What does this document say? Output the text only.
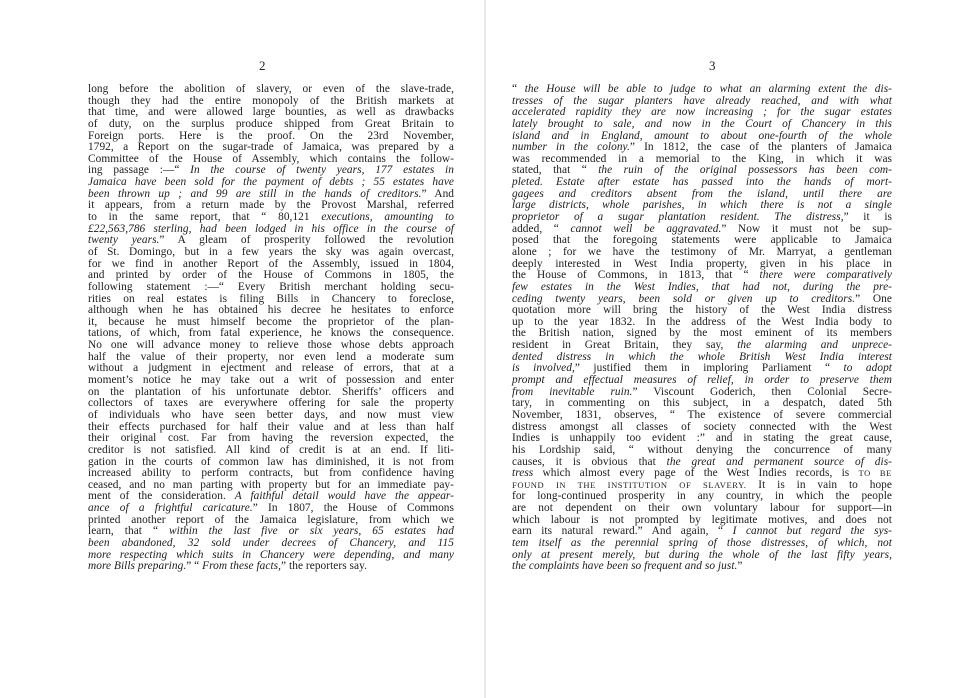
2
long before the abolition of slavery, or even of the slave-trade,
though they had the entire monopoly of the British markets at
that time, and were allowed large bounties, as well as drawbacks
of duty, on the surplus produce shipped from Great Britain to
Foreign ports. Here is the proof. On the 23rd November,
1792, a Report on the sugar-trade of Jamaica, was prepared by a
Committee of the House of Assembly, which contains the follow-
ing passage :—“ In the course of twenty years, 177 estates in
Jamaica have been sold for the payment of debts ; 55 estates have
been thrown up ; and 99 are still in the hands of creditors.” And
it appears, from a return made by the Provost Marshal, referred
to in the same report, that “ 80,121 executions, amounting to
£22,563,786 sterling, had been lodged in his office in the course of
twenty years.” A gleam of prosperity followed the revolution
of St. Domingo, but in a few years the sky was again overcast,
for we find in another Report of the Assembly, issued in 1804,
and printed by order of the House of Commons in 1805, the
following statement :—“ Every British merchant holding secu-
rities on real estates is filing Bills in Chancery to foreclose,
although when he has obtained his decree he hesitates to enforce
it, because he must himself become the proprietor of the plan-
tations, of which, from fatal experience, he knows the consequence.
No one will advance money to relieve those whose debts approach
half the value of their property, nor even lend a moderate sum
without a judgment in ejectment and release of errors, that at a
moment’s notice he may take out a writ of possession and enter
on the plantation of his unfortunate debtor. Sheriffs’ officers and
collectors of taxes are everywhere offering for sale the property
of individuals who have seen better days, and now must view
their effects purchased for half their value and at less than half
their original cost. Far from having the reversion expected, the
creditor is not satisfied. All kind of credit is at an end. If liti-
gation in the courts of common law has diminished, it is not from
increased ability to perform contracts, but from confidence having
ceased, and no man parting with property but for an immediate pay-
ment of the consideration. A faithful detail would have the appear-
ance of a frightful caricature.” In 1807, the House of Commons
printed another report of the Jamaica legislature, from which we
learn, that “ within the last five or six years, 65 estates had
been abandoned, 32 sold under decrees of Chancery, and 115
more respecting which suits in Chancery were depending, and many
more Bills preparing.” “ From these facts,” the reporters say.
3
“ the House will be able to judge to what an alarming extent the dis-
tresses of the sugar planters have already reached, and with what
accelerated rapidity they are now increasing ; for the sugar estates
lately brought to sale, and now in the Court of Chancery in this
island and in England, amount to about one-fourth of the whole
number in the colony.” In 1812, the case of the planters of Jamaica
was recommended in a memorial to the King, in which it was
stated, that “ the ruin of the original possessors has been com-
pleted. Estate after estate has passed into the hands of mort-
gagees and creditors absent from the island, until there are
large districts, whole parishes, in which there is not a single
proprietor of a sugar plantation resident. The distress,” it is
added, “ cannot well be aggravated.” Now it must not be sup-
posed that the foregoing statements were applicable to Jamaica
alone ; for we have the testimony of Mr. Marryat, a gentleman
deeply interested in West India property, given in his place in
the House of Commons, in 1813, that “ there were comparatively
few estates in the West Indies, that had not, during the pre-
ceding twenty years, been sold or given up to creditors.” One
quotation more will bring the history of the West India distress
up to the year 1832. In the address of the West India body to
the British nation, signed by the most eminent of its members
resident in Great Britain, they say, the alarming and unprece-
dented distress in which the whole British West India interest
is involved,” justified them in imploring Parliament “ to adopt
prompt and effectual measures of relief, in order to preserve them
from inevitable ruin.” Viscount Goderich, then Colonial Secre-
tary, in commenting on this subject, in a despatch, dated 5th
November, 1831, observes, “ The existence of severe commercial
distress amongst all classes of society connected with the West
Indies is unhappily too evident :” and in stating the great cause,
his Lordship said, “ without denying the concurrence of many
causes, it is obvious that the great and permanent source of dis-
tress which almost every page of the West Indies records, is TO BE
FOUND IN THE INSTITUTION OF SLAVERY. It is in vain to hope
for long-continued prosperity in any country, in which the people
are not dependent on their own voluntary labour for support—in
which labour is not prompted by legitimate motives, and does not
earn its natural reward.” And again, “ I cannot but regard the sys-
tem itself as the perennial spring of those distresses, of which, not
only at present merely, but during the whole of the last fifty years,
the complaints have been so frequent and so just.”
